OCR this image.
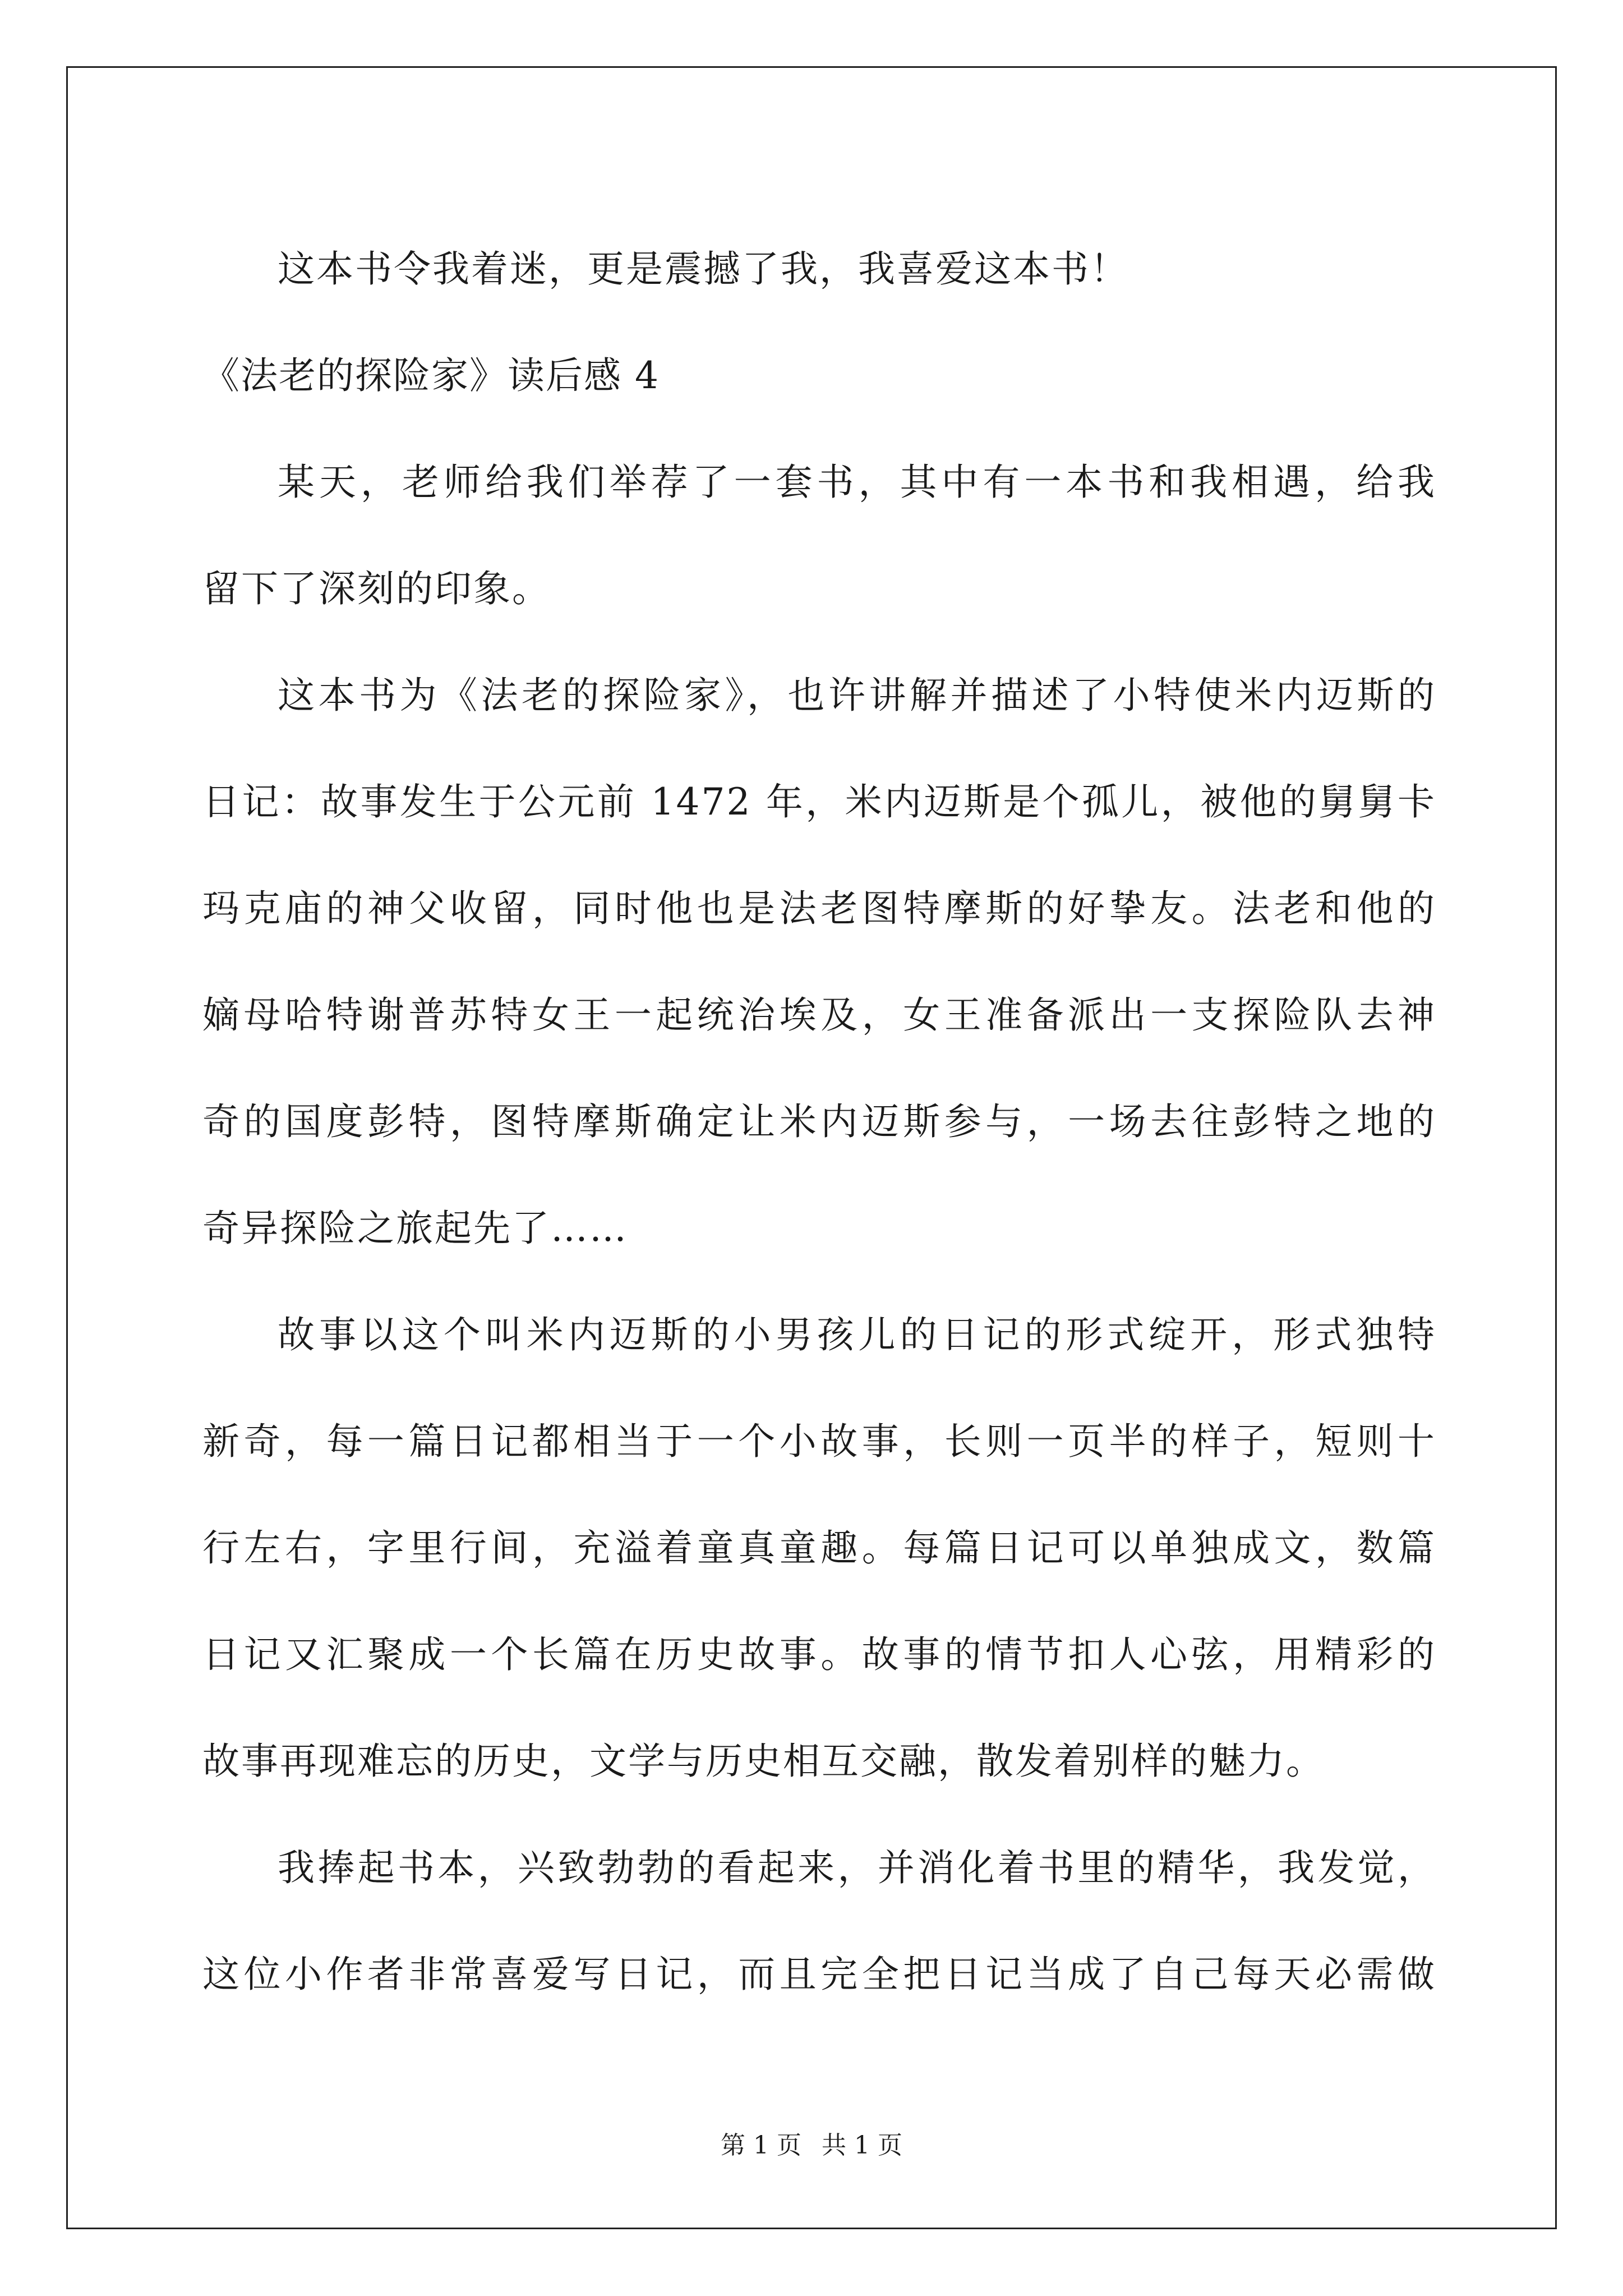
这本书令我着迷，更是震撼了我，我喜爱这本书！
《法老的探险家》读后感 4
某天，老师给我们举荐了一套书，其中有一本书和我相遇，给我
留下了深刻的印象。
这本书为《法老的探险家》，也许讲解并描述了小特使米内迈斯的
日记：故事发生于公元前 1472 年，米内迈斯是个孤儿，被他的舅舅卡
玛克庙的神父收留，同时他也是法老图特摩斯的好挚友。法老和他的
嫡母哈特谢普苏特女王一起统治埃及，女王准备派出一支探险队去神
奇的国度彭特，图特摩斯确定让米内迈斯参与，一场去往彭特之地的
奇异探险之旅起先了……
故事以这个叫米内迈斯的小男孩儿的日记的形式绽开，形式独特
新奇，每一篇日记都相当于一个小故事，长则一页半的样子，短则十
行左右，字里行间，充溢着童真童趣。每篇日记可以单独成文，数篇
日记又汇聚成一个长篇在历史故事。故事的情节扣人心弦，用精彩的
故事再现难忘的历史，文学与历史相互交融，散发着别样的魅力。
我捧起书本，兴致勃勃的看起来，并消化着书里的精华，我发觉，
这位小作者非常喜爱写日记，而且完全把日记当成了自己每天必需做
第 1 页 共 1 页
